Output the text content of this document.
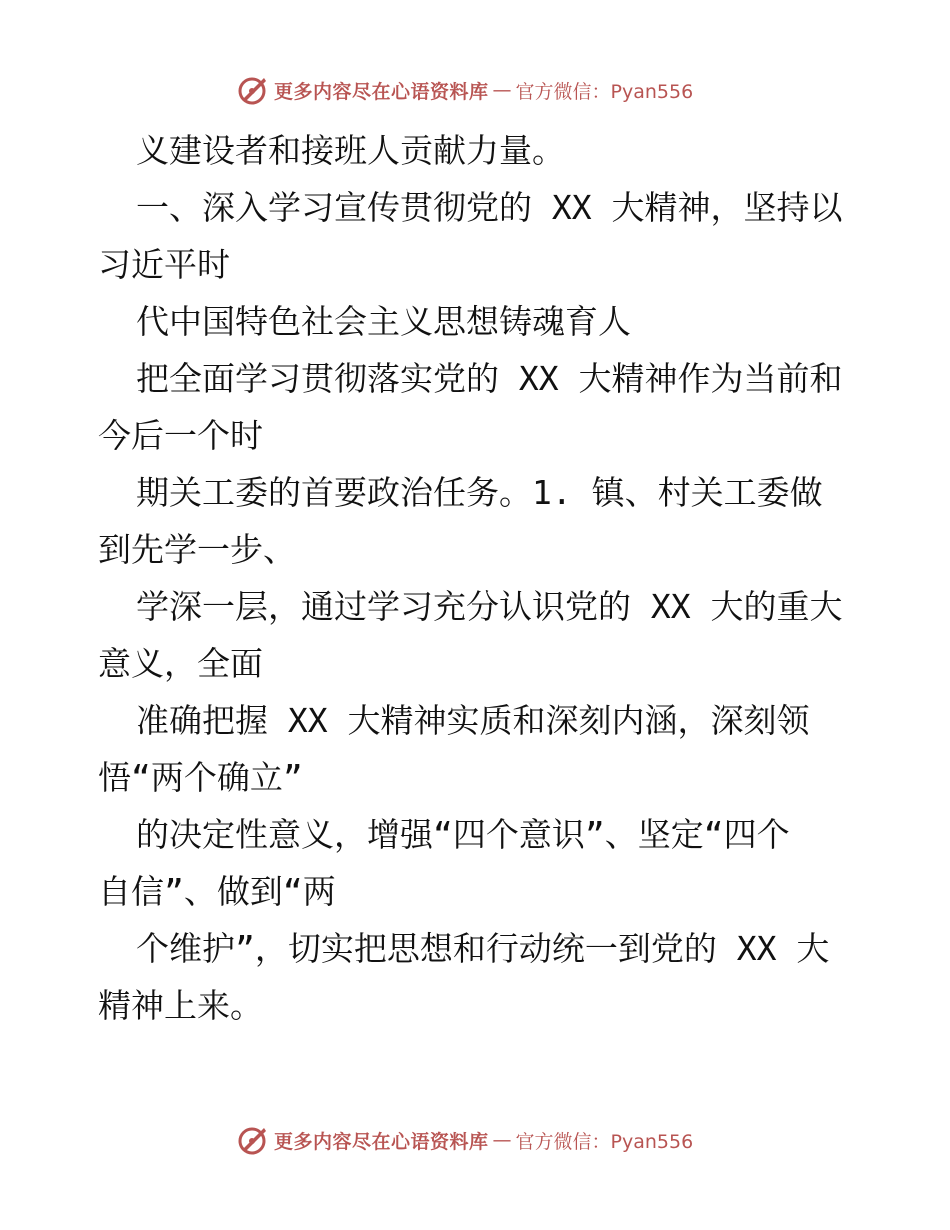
更多内容尽在心语资料库 — 官方微信：Pyan556
义建设者和接班人贡献力量。
一、深入学习宣传贯彻党的 XX 大精神，坚持以
习近平时
代中国特色社会主义思想铸魂育人
把全面学习贯彻落实党的 XX 大精神作为当前和
今后一个时
期关工委的首要政治任务。1. 镇、村关工委做
到先学一步、
学深一层，通过学习充分认识党的 XX 大的重大
意义，全面
准确把握 XX 大精神实质和深刻内涵，深刻领
悟“两个确立”
的决定性意义，增强“四个意识”、坚定“四个
自信”、做到“两
个维护”，切实把思想和行动统一到党的 XX 大
精神上来。
更多内容尽在心语资料库 — 官方微信：Pyan556
